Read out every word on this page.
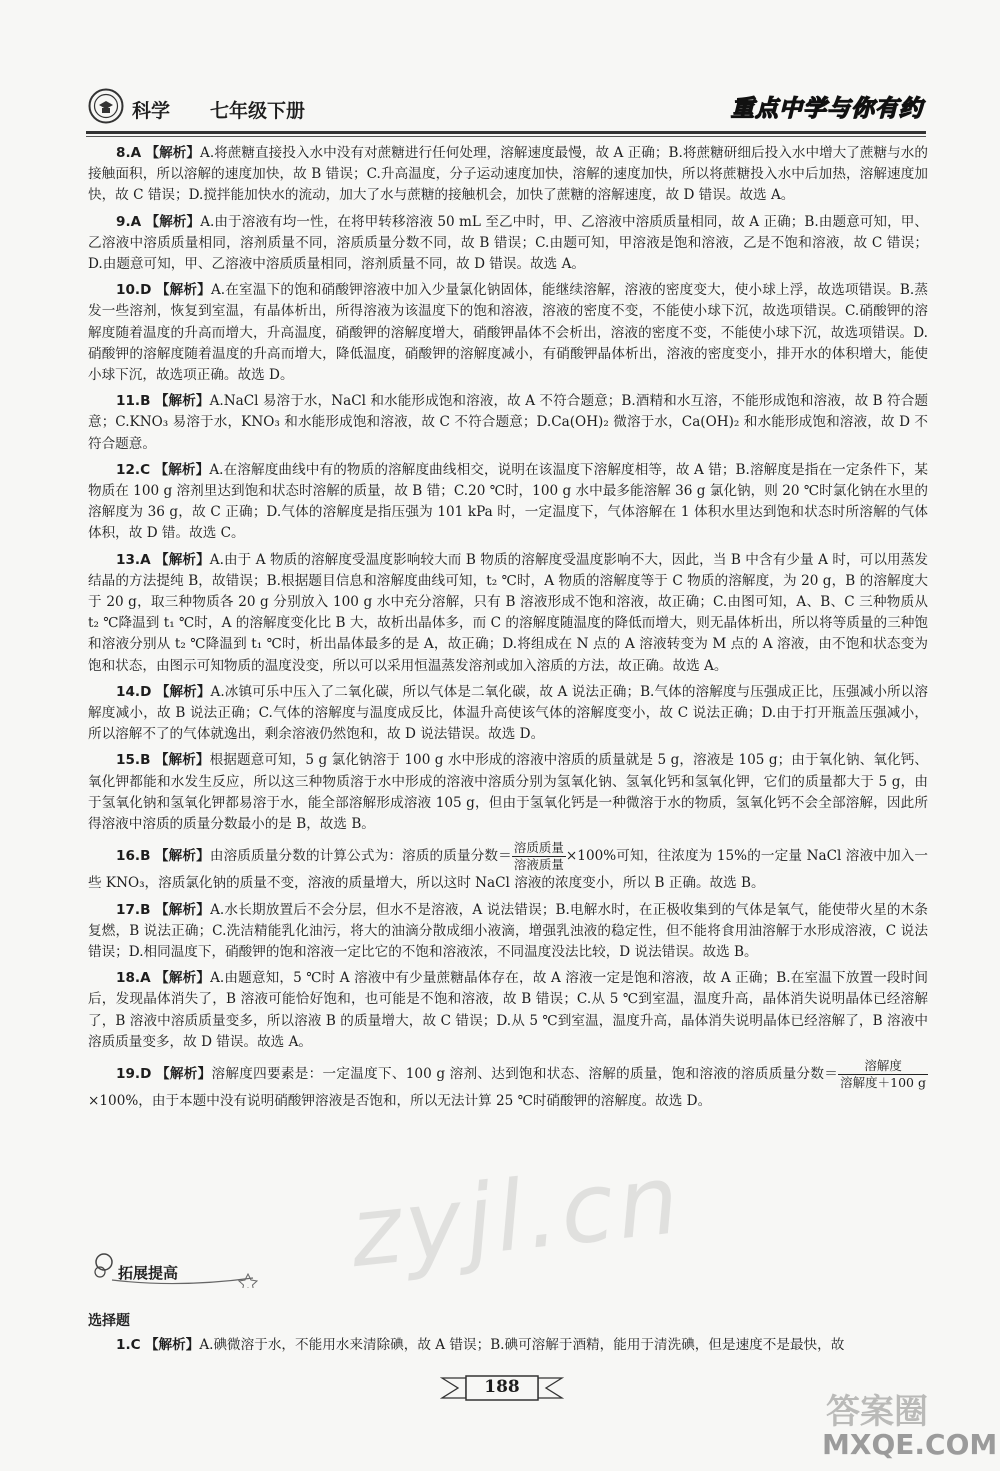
科学 七年级下册	重点中学与你有约

8.A 【解析】A.将蔗糖直接投入水中没有对蔗糖进行任何处理，溶解速度最慢，故 A 正确；B.将蔗糖研细后投入水中增大了蔗糖与水的接触面积，所以溶解的速度加快，故 B 错误；C.升高温度，分子运动速度加快，溶解的速度加快，所以将蔗糖投入水中后加热，溶解速度加快，故 C 错误；D.搅拌能加快水的流动，加大了水与蔗糖的接触机会，加快了蔗糖的溶解速度，故 D 错误。故选 A。

9.A 【解析】A.由于溶液有均一性，在将甲转移溶液 50 mL 至乙中时，甲、乙溶液中溶质质量相同，故 A 正确；B.由题意可知，甲、乙溶液中溶质质量相同，溶剂质量不同，溶质质量分数不同，故 B 错误；C.由题可知，甲溶液是饱和溶液，乙是不饱和溶液，故 C 错误；D.由题意可知，甲、乙溶液中溶质质量相同，溶剂质量不同，故 D 错误。故选 A。

10.D 【解析】A.在室温下的饱和硝酸钾溶液中加入少量氯化钠固体，能继续溶解，溶液的密度变大，使小球上浮，故选项错误。B.蒸发一些溶剂，恢复到室温，有晶体析出，所得溶液为该温度下的饱和溶液，溶液的密度不变，不能使小球下沉，故选项错误。C.硝酸钾的溶解度随着温度的升高而增大，升高温度，硝酸钾的溶解度增大，硝酸钾晶体不会析出，溶液的密度不变，不能使小球下沉，故选项错误。D.硝酸钾的溶解度随着温度的升高而增大，降低温度，硝酸钾的溶解度减小，有硝酸钾晶体析出，溶液的密度变小，排开水的体积增大，能使小球下沉，故选项正确。故选 D。

11.B 【解析】A.NaCl 易溶于水，NaCl 和水能形成饱和溶液，故 A 不符合题意；B.酒精和水互溶，不能形成饱和溶液，故 B 符合题意；C.KNO₃ 易溶于水，KNO₃ 和水能形成饱和溶液，故 C 不符合题意；D.Ca(OH)₂ 微溶于水，Ca(OH)₂ 和水能形成饱和溶液，故 D 不符合题意。

12.C 【解析】A.在溶解度曲线中有的物质的溶解度曲线相交，说明在该温度下溶解度相等，故 A 错；B.溶解度是指在一定条件下，某物质在 100 g 溶剂里达到饱和状态时溶解的质量，故 B 错；C.20 ℃时，100 g 水中最多能溶解 36 g 氯化钠，则 20 ℃时氯化钠在水里的溶解度为 36 g，故 C 正确；D.气体的溶解度是指压强为 101 kPa 时，一定温度下，气体溶解在 1 体积水里达到饱和状态时所溶解的气体体积，故 D 错。故选 C。

13.A 【解析】A.由于 A 物质的溶解度受温度影响较大而 B 物质的溶解度受温度影响不大，因此，当 B 中含有少量 A 时，可以用蒸发结晶的方法提纯 B，故错误；B.根据题目信息和溶解度曲线可知，t₂ ℃时，A 物质的溶解度等于 C 物质的溶解度，为 20 g，B 的溶解度大于 20 g，取三种物质各 20 g 分别放入 100 g 水中充分溶解，只有 B 溶液形成不饱和溶液，故正确；C.由图可知，A、B、C 三种物质从 t₂ ℃降温到 t₁ ℃时，A 的溶解度变化比 B 大，故析出晶体多，而 C 的溶解度随温度的降低而增大，则无晶体析出，所以将等质量的三种饱和溶液分别从 t₂ ℃降温到 t₁ ℃时，析出晶体最多的是 A，故正确；D.将组成在 N 点的 A 溶液转变为 M 点的 A 溶液，由不饱和状态变为饱和状态，由图示可知物质的温度没变，所以可以采用恒温蒸发溶剂或加入溶质的方法，故正确。故选 A。

14.D 【解析】A.冰镇可乐中压入了二氧化碳，所以气体是二氧化碳，故 A 说法正确；B.气体的溶解度与压强成正比，压强减小所以溶解度减小，故 B 说法正确；C.气体的溶解度与温度成反比，体温升高使该气体的溶解度变小，故 C 说法正确；D.由于打开瓶盖压强减小，所以溶解不了的气体就逸出，剩余溶液仍然饱和，故 D 说法错误。故选 D。

15.B 【解析】根据题意可知，5 g 氯化钠溶于 100 g 水中形成的溶液中溶质的质量就是 5 g，溶液是 105 g；由于氧化钠、氧化钙、氧化钾都能和水发生反应，所以这三种物质溶于水中形成的溶液中溶质分别为氢氧化钠、氢氧化钙和氢氧化钾，它们的质量都大于 5 g，由于氢氧化钠和氢氧化钾都易溶于水，能全部溶解形成溶液 105 g，但由于氢氧化钙是一种微溶于水的物质，氢氧化钙不会全部溶解，因此所得溶液中溶质的质量分数最小的是 B，故选 B。

16.B 【解析】由溶质质量分数的计算公式为：溶质的质量分数＝ $\frac{\text{溶质质量}}{\text{溶液质量}} \times 100\%$可知，往浓度为 15%的一定量 NaCl 溶液中加入一些 KNO₃，溶质氯化钠的质量不变，溶液的质量增大，所以这时 NaCl 溶液的浓度变小，所以 B 正确。故选 B。

17.B 【解析】A.水长期放置后不会分层，但水不是溶液，A 说法错误；B.电解水时，在正极收集到的气体是氧气，能使带火星的木条复燃，B 说法正确；C.洗洁精能乳化油污，将大的油滴分散成细小液滴，增强乳浊液的稳定性，但不能将食用油溶解于水形成溶液，C 说法错误；D.相同温度下，硝酸钾的饱和溶液一定比它的不饱和溶液浓，不同温度没法比较，D 说法错误。故选 B。

18.A 【解析】A.由题意知，5 ℃时 A 溶液中有少量蔗糖晶体存在，故 A 溶液一定是饱和溶液，故 A 正确；B.在室温下放置一段时间后，发现晶体消失了，B 溶液可能恰好饱和，也可能是不饱和溶液，故 B 错误；C.从 5 ℃到室温，温度升高，晶体消失说明晶体已经溶解了，B 溶液中溶质质量变多，所以溶液 B 的质量增大，故 C 错误；D.从 5 ℃到室温，温度升高，晶体消失说明晶体已经溶解了，B 溶液中溶质质量变多，故 D 错误。故选 A。

19.D 【解析】溶解度四要素是：一定温度下、100 g 溶剂、达到饱和状态、溶解的质量，饱和溶液的溶质质量分数＝ $\frac{\text{溶解度}}{\text{溶解度＋100 g}}$
×100%，由于本题中没有说明硝酸钾溶液是否饱和，所以无法计算 25 ℃时硝酸钾的溶解度。故选 D。

拓展提高
选择题

1.C 【解析】A.碘微溶于水，不能用水来清除碘，故 A 错误；B.碘可溶解于酒精，能用于清洗碘，但是速度不是最快，故

188
zyjl.cn
答案圈
MXQE.COM
